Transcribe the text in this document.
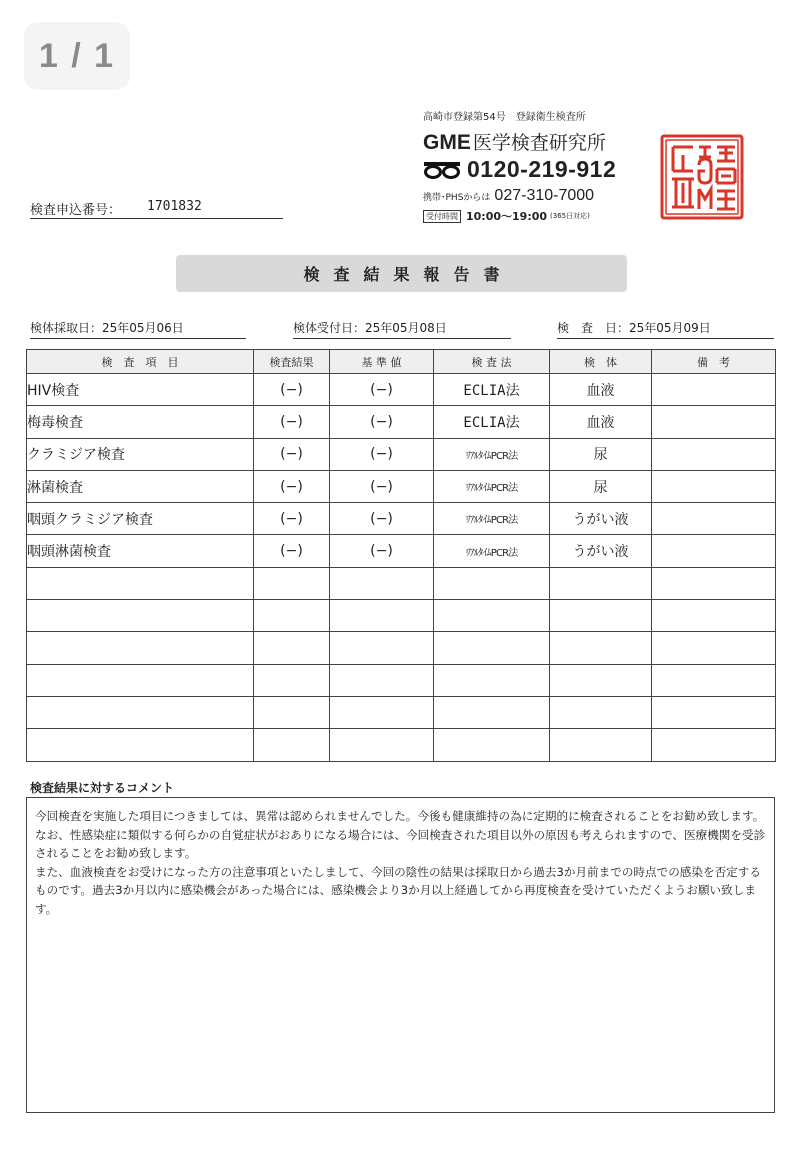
1 / 1
検査申込番号： 1701832
高崎市登録第54号　登録衛生検査所
GME 医学検査研究所
0120-219-912
携帯･PHSからは 027-310-7000
受付時間 10:00〜19:00 (365日対応)
検査結果報告書
検体採取日：25年05月06日	検体受付日：25年05月08日	検　査　日：25年05月09日
検　査　項　目	検査結果	基 準 値	検 査 法	検　体	備　考
HIV検査	(−)	(−)	ECLIA法	血液	
梅毒検査	(−)	(−)	ECLIA法	血液	
クラミジア検査	(−)	(−)	ﾘｱﾙﾀｲﾑPCR法	尿	
淋菌検査	(−)	(−)	ﾘｱﾙﾀｲﾑPCR法	尿	
咽頭クラミジア検査	(−)	(−)	ﾘｱﾙﾀｲﾑPCR法	うがい液	
咽頭淋菌検査	(−)	(−)	ﾘｱﾙﾀｲﾑPCR法	うがい液	

検査結果に対するコメント

今回検査を実施した項目につきましては、異常は認められませんでした。今後も健康維持の為に定期的に検査されることをお勧め致します。
なお、性感染症に類似する何らかの自覚症状がおありになる場合には、今回検査された項目以外の原因も考えられますので、医療機関を受診されることをお勧め致します。
また、血液検査をお受けになった方の注意事項といたしまして、今回の陰性の結果は採取日から過去3か月前までの時点での感染を否定するものです。過去3か月以内に感染機会があった場合には、感染機会より3か月以上経過してから再度検査を受けていただくようお願い致します。
